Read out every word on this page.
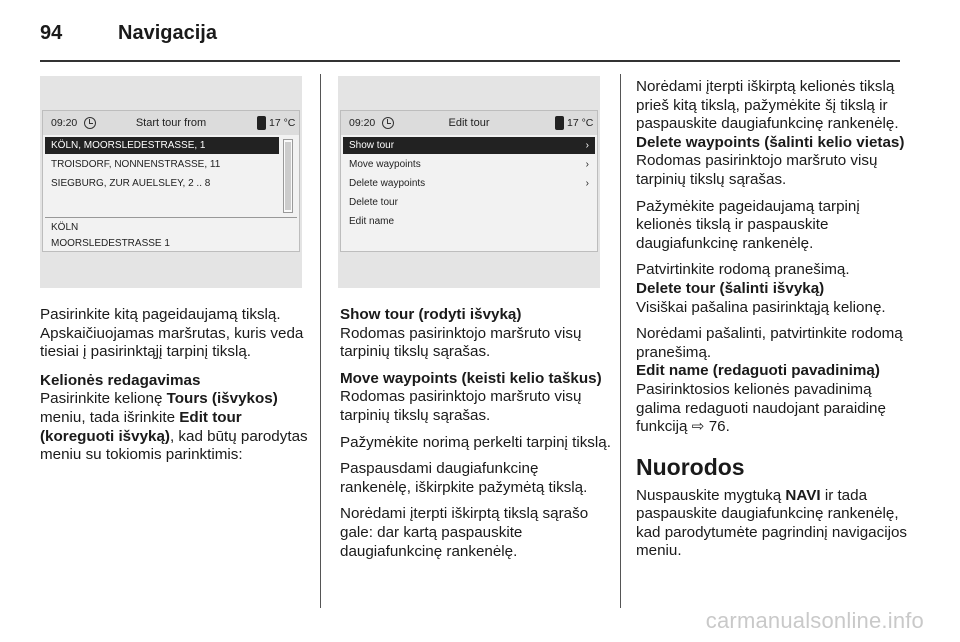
94	Navigacija
09:20	Start tour from	17 °C
KÖLN, MOORSLEDESTRASSE, 1
TROISDORF, NONNENSTRASSE, 11
SIEGBURG, ZUR AUELSLEY, 2 .. 8
KÖLN
MOORSLEDESTRASSE 1
09:20	Edit tour	17 °C
Show tour	›
Move waypoints	›
Delete waypoints	›
Delete tour
Edit name

Pasirinkite kitą pageidaujamą tikslą. Apskaičiuojamas maršrutas, kuris veda tiesiai į pasirinktąjį tarpinį tikslą.

Kelionės redagavimas

Pasirinkite kelionę Tours (išvykos) meniu, tada išrinkite Edit tour (koreguoti išvyką), kad būtų parodytas meniu su tokiomis parinktimis:

Show tour (rodyti išvyką)
Rodomas pasirinktojo maršruto visų tarpinių tikslų sąrašas.
Move waypoints (keisti kelio taškus)
Rodomas pasirinktojo maršruto visų tarpinių tikslų sąrašas.

Pažymėkite norimą perkelti tarpinį tikslą.

Paspausdami daugiafunkcinę rankenėlę, iškirpkite pažymėtą tikslą.

Norėdami įterpti iškirptą tikslą sąrašo gale: dar kartą paspauskite daugiafunkcinę rankenėlę.

Norėdami įterpti iškirptą kelionės tikslą prieš kitą tikslą, pažymėkite šį tikslą ir paspauskite daugiafunkcinę rankenėlę.

Delete waypoints (šalinti kelio vietas)
Rodomas pasirinktojo maršruto visų tarpinių tikslų sąrašas.

Pažymėkite pageidaujamą tarpinį kelionės tikslą ir paspauskite daugiafunkcinę rankenėlę.

Patvirtinkite rodomą pranešimą.

Delete tour (šalinti išvyką)
Visiškai pašalina pasirinktąją kelionę.

Norėdami pašalinti, patvirtinkite rodomą pranešimą.

Edit name (redaguoti pavadinimą)
Pasirinktosios kelionės pavadinimą galima redaguoti naudojant paraidinę funkciją ⇨ 76.
Nuorodos

Nuspauskite mygtuką NAVI ir tada paspauskite daugiafunkcinę rankenėlę, kad parodytumėte pagrindinį navigacijos meniu.

carmanualsonline.info
